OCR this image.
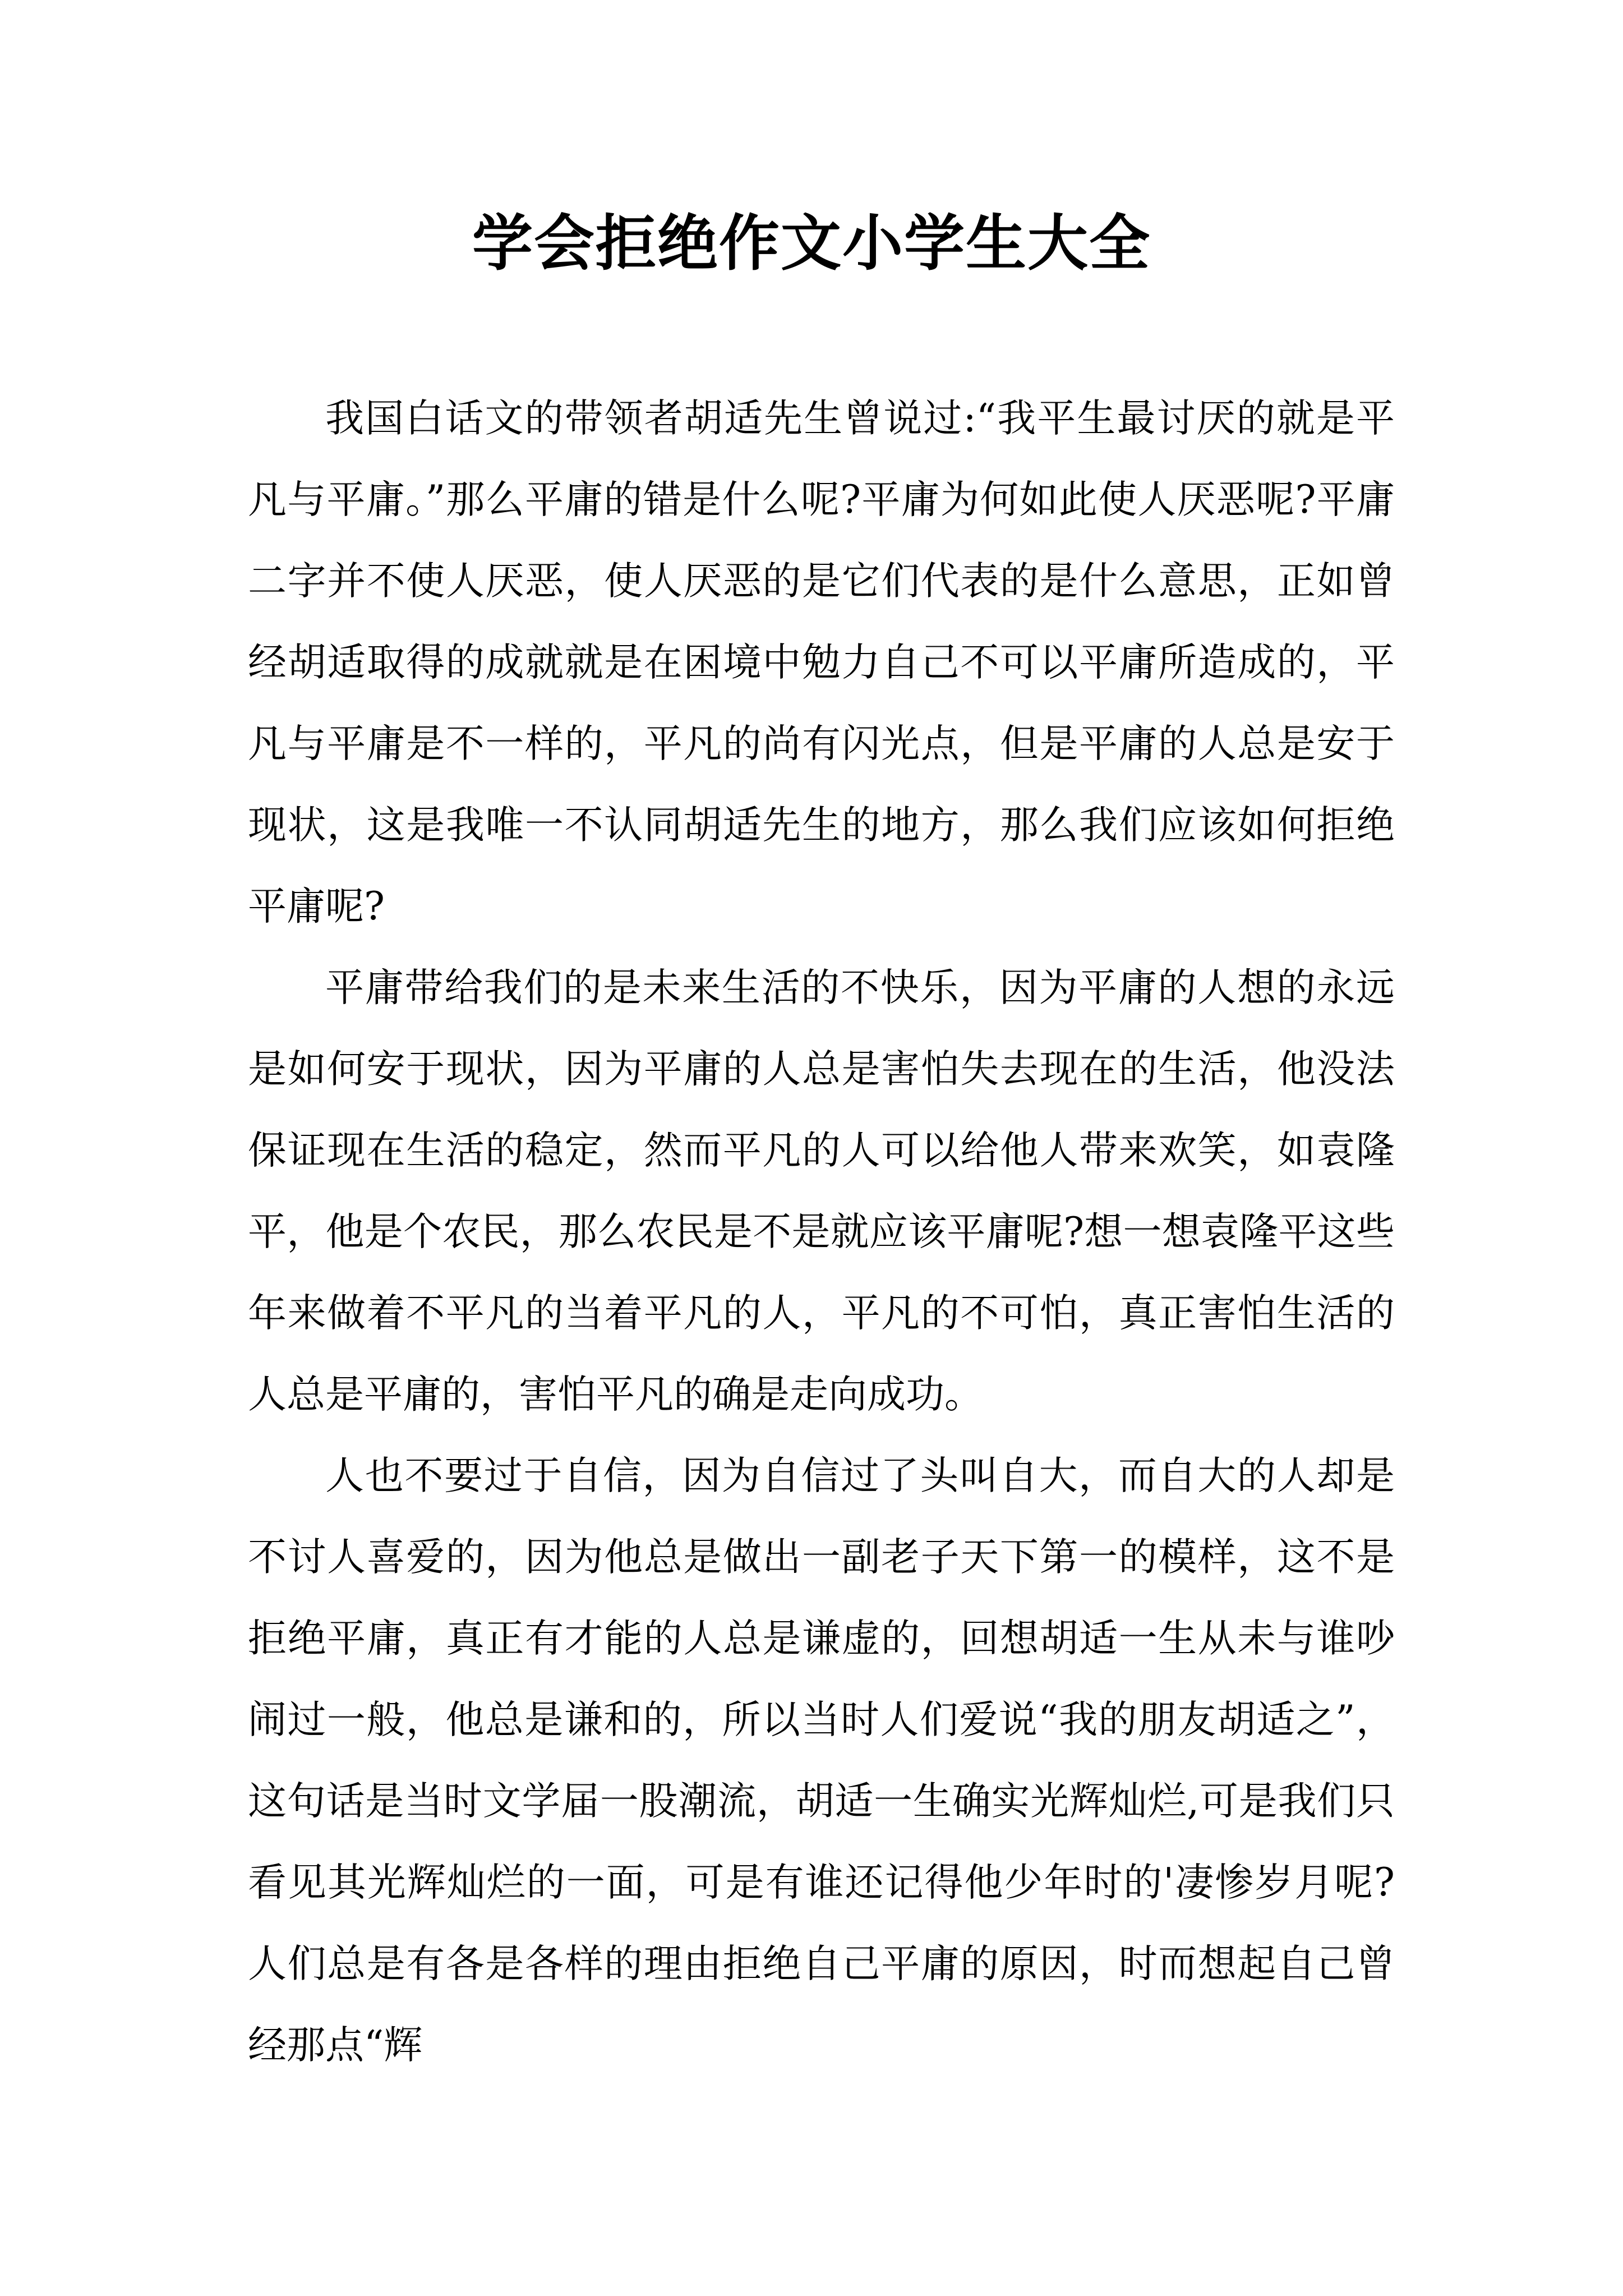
学会拒绝作文小学生大全

我国白话文的带领者胡适先生曾说过:“我平生最讨厌的就是平凡与平庸。”那么平庸的错是什么呢?平庸为何如此使人厌恶呢?平庸二字并不使人厌恶，使人厌恶的是它们代表的是什么意思，正如曾经胡适取得的成就就是在困境中勉力自己不可以平庸所造成的，平凡与平庸是不一样的，平凡的尚有闪光点，但是平庸的人总是安于现状，这是我唯一不认同胡适先生的地方，那么我们应该如何拒绝平庸呢?

平庸带给我们的是未来生活的不快乐，因为平庸的人想的永远是如何安于现状，因为平庸的人总是害怕失去现在的生活，他没法保证现在生活的稳定，然而平凡的人可以给他人带来欢笑，如袁隆平，他是个农民，那么农民是不是就应该平庸呢?想一想袁隆平这些年来做着不平凡的当着平凡的人，平凡的不可怕，真正害怕生活的人总是平庸的，害怕平凡的确是走向成功。

人也不要过于自信，因为自信过了头叫自大，而自大的人却是不讨人喜爱的，因为他总是做出一副老子天下第一的模样，这不是拒绝平庸，真正有才能的人总是谦虚的，回想胡适一生从未与谁吵闹过一般，他总是谦和的，所以当时人们爱说“我的朋友胡适之”，这句话是当时文学届一股潮流，胡适一生确实光辉灿烂,可是我们只看见其光辉灿烂的一面，可是有谁还记得他少年时的'凄惨岁月呢?人们总是有各是各样的理由拒绝自己平庸的原因，时而想起自己曾经那点“辉
